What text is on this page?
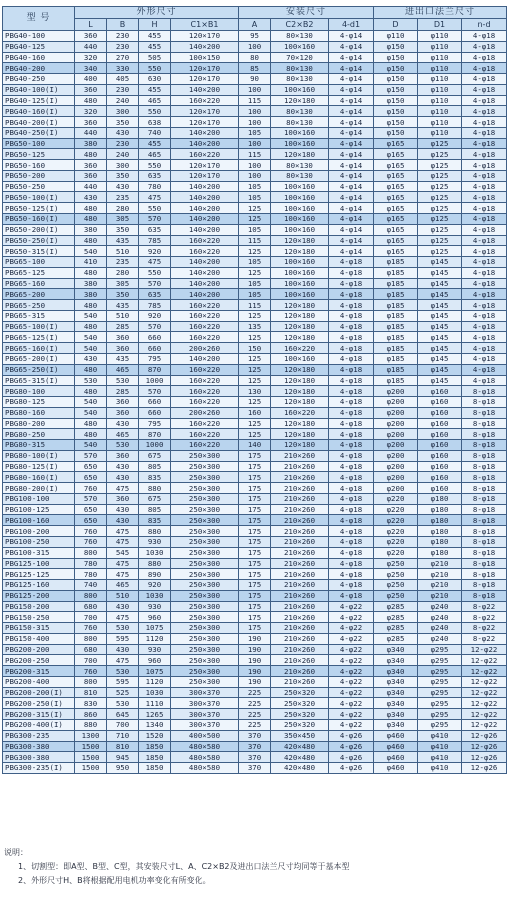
型 号	外形尺寸				安装尺寸			进出口法兰尺寸		
	L	B	H	C1×B1	A	C2×B2	4-d1	D	D1	n-d
PBG40-100	360	230	455	120×170	95	80×130	4-φ14	φ110	φ110	4-φ18
PBG40-125	440	230	455	140×200	100	100×160	4-φ14	φ150	φ110	4-φ18
PBG40-160	320	270	505	100×150	80	70×120	4-φ14	φ150	φ110	4-φ18
PBG40-200	340	330	550	120×170	85	80×130	4-φ14	φ150	φ110	4-φ18
PBG40-250	400	405	630	120×170	90	80×130	4-φ14	φ150	φ110	4-φ18
PBG40-100(I)	360	230	455	140×200	100	100×160	4-φ14	φ150	φ110	4-φ18
PBG40-125(I)	480	240	465	160×220	115	120×180	4-φ14	φ150	φ110	4-φ18
PBG40-160(I)	320	300	550	120×170	100	80×130	4-φ14	φ150	φ110	4-φ18
PBG40-200(I)	360	350	638	120×170	100	80×130	4-φ14	φ150	φ110	4-φ18
PBG40-250(I)	440	430	740	140×200	105	100×160	4-φ14	φ150	φ110	4-φ18
PBG50-100	380	230	455	140×200	100	100×160	4-φ14	φ165	φ125	4-φ18
PBG50-125	480	240	465	160×220	115	120×180	4-φ14	φ165	φ125	4-φ18
PBG50-160	360	300	550	120×170	100	80×130	4-φ14	φ165	φ125	4-φ18
PBG50-200	360	350	635	120×170	100	80×130	4-φ14	φ165	φ125	4-φ18
PBG50-250	440	430	780	140×200	105	100×160	4-φ14	φ165	φ125	4-φ18
PBG50-100(I)	430	235	475	140×200	105	100×160	4-φ14	φ165	φ125	4-φ18
PBG50-125(I)	480	280	550	140×200	125	100×160	4-φ14	φ165	φ125	4-φ18
PBG50-160(I)	480	305	570	140×200	125	100×160	4-φ14	φ165	φ125	4-φ18
PBG50-200(I)	380	350	635	140×200	105	100×160	4-φ14	φ165	φ125	4-φ18
PBG50-250(I)	480	435	785	160×220	115	120×180	4-φ14	φ165	φ125	4-φ18
PBG50-315(I)	540	510	920	160×220	125	120×180	4-φ14	φ165	φ125	4-φ18
PBG65-100	410	235	475	140×200	105	100×160	4-φ18	φ185	φ145	4-φ18
PBG65-125	480	280	550	140×200	125	100×160	4-φ18	φ185	φ145	4-φ18
PBG65-160	380	305	570	140×200	105	100×160	4-φ18	φ185	φ145	4-φ18
PBG65-200	380	350	635	140×200	105	100×160	4-φ18	φ185	φ145	4-φ18
PBG65-250	480	435	785	160×220	115	120×180	4-φ18	φ185	φ145	4-φ18
PBG65-315	540	510	920	160×220	125	120×180	4-φ18	φ185	φ145	4-φ18
PBG65-100(I)	480	285	570	160×220	135	120×180	4-φ18	φ185	φ145	4-φ18
PBG65-125(I)	540	360	660	160×220	125	120×180	4-φ18	φ185	φ145	4-φ18
PBG65-160(I)	540	360	660	200×260	150	160×220	4-φ18	φ185	φ145	4-φ18
PBG65-200(I)	430	435	795	140×200	125	100×160	4-φ18	φ185	φ145	4-φ18
PBG65-250(I)	480	465	870	160×220	125	120×180	4-φ18	φ185	φ145	4-φ18
PBG65-315(I)	530	530	1000	160×220	125	120×180	4-φ18	φ185	φ145	4-φ18
PBG80-100	480	285	570	160×220	130	120×180	4-φ18	φ200	φ160	8-φ18
PBG80-125	540	360	660	160×220	125	120×180	4-φ18	φ200	φ160	8-φ18
PBG80-160	540	360	660	200×260	160	160×220	4-φ18	φ200	φ160	8-φ18
PBG80-200	480	430	795	160×220	125	120×180	4-φ18	φ200	φ160	8-φ18
PBG80-250	480	465	870	160×220	125	120×180	4-φ18	φ200	φ160	8-φ18
PBG80-315	540	530	1000	160×220	140	120×180	4-φ18	φ200	φ160	8-φ18
PBG80-100(I)	570	360	675	250×300	175	210×260	4-φ18	φ200	φ160	8-φ18
PBG80-125(I)	650	430	805	250×300	175	210×260	4-φ18	φ200	φ160	8-φ18
PBG80-160(I)	650	430	835	250×300	175	210×260	4-φ18	φ200	φ160	8-φ18
PBG80-200(I)	760	475	880	250×300	175	210×260	4-φ18	φ200	φ160	8-φ18
PBG100-100	570	360	675	250×300	175	210×260	4-φ18	φ220	φ180	8-φ18
PBG100-125	650	430	805	250×300	175	210×260	4-φ18	φ220	φ180	8-φ18
PBG100-160	650	430	835	250×300	175	210×260	4-φ18	φ220	φ180	8-φ18
PBG100-200	760	475	880	250×300	175	210×260	4-φ18	φ220	φ180	8-φ18
PBG100-250	760	475	930	250×300	175	210×260	4-φ18	φ220	φ180	8-φ18
PBG100-315	800	545	1030	250×300	175	210×260	4-φ18	φ220	φ180	8-φ18
PBG125-100	780	475	880	250×300	175	210×260	4-φ18	φ250	φ210	8-φ18
PBG125-125	780	475	890	250×300	175	210×260	4-φ18	φ250	φ210	8-φ18
PBG125-160	740	465	920	250×300	175	210×260	4-φ18	φ250	φ210	8-φ18
PBG125-200	800	510	1030	250×300	175	210×260	4-φ18	φ250	φ210	8-φ18
PBG150-200	680	430	930	250×300	175	210×260	4-φ22	φ285	φ240	8-φ22
PBG150-250	700	475	960	250×300	175	210×260	4-φ22	φ285	φ240	8-φ22
PBG150-315	760	530	1075	250×300	175	210×260	4-φ22	φ285	φ240	8-φ22
PBG150-400	800	595	1120	250×300	190	210×260	4-φ22	φ285	φ240	8-φ22
PBG200-200	680	430	930	250×300	190	210×260	4-φ22	φ340	φ295	12-φ22
PBG200-250	700	475	960	250×300	190	210×260	4-φ22	φ340	φ295	12-φ22
PBG200-315	760	530	1075	250×300	190	210×260	4-φ22	φ340	φ295	12-φ22
PBG200-400	800	595	1120	250×300	190	210×260	4-φ22	φ340	φ295	12-φ22
PBG200-200(I)	810	525	1030	300×370	225	250×320	4-φ22	φ340	φ295	12-φ22
PBG200-250(I)	830	530	1110	300×370	225	250×320	4-φ22	φ340	φ295	12-φ22
PBG200-315(I)	860	645	1265	300×370	225	250×320	4-φ22	φ340	φ295	12-φ22
PBG200-400(I)	880	700	1340	300×370	225	250×320	4-φ22	φ340	φ295	12-φ22
PBG300-235	1300	710	1520	400×500	370	350×450	4-φ26	φ460	φ410	12-φ26
PBG300-380	1500	810	1850	480×580	370	420×480	4-φ26	φ460	φ410	12-φ26
PBG300-380	1500	945	1850	480×580	370	420×480	4-φ26	φ460	φ410	12-φ26
PBG300-235(I)	1500	950	1850	480×580	370	420×480	4-φ26	φ460	φ410	12-φ26
说明：
1、切割型：即A型、B型、C型，其安装尺寸L、A、C2×B2及进出口法兰尺寸均同等于基本型
2、外形尺寸H、B将根据配用电机功率变化有所变化。
